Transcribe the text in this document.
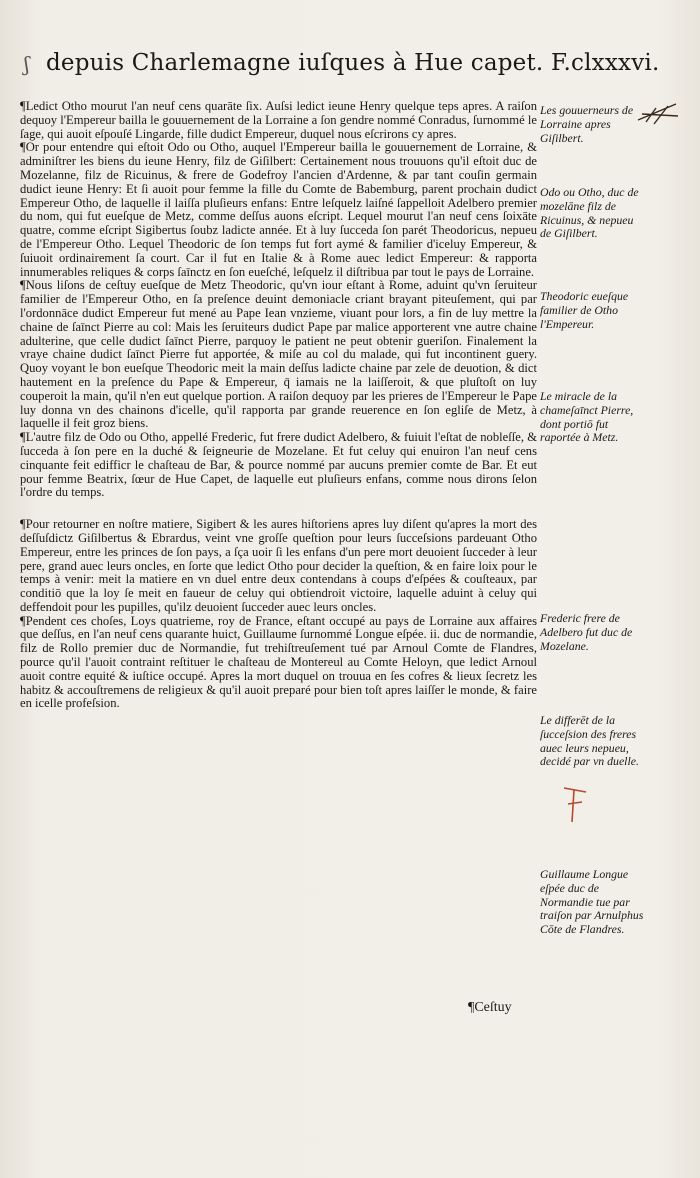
ʃ depuis Charlemagne iuſques à Hue capet. F.clxxxvi.

¶Ledict Otho mourut l'an neuf cens quarāte ſix. Auſsi ledict ieune Henry quelque teps apres. A raiſon dequoy l'Empereur bailla le gouuernement de la Lorraine a ſon gendre nommé Conradus, ſurnommé le ſage, qui auoit eſpouſé Lingarde, fille dudict Empereur, duquel nous eſcrirons cy apres.

¶Or pour entendre qui eſtoit Odo ou Otho, auquel l'Empereur bailla le gouuernement de Lorraine, & adminiſtrer les biens du ieune Henry, filz de Giſilbert: Certainement nous trouuons qu'il eſtoit duc de Mozelanne, filz de Ricuinus, & frere de Godefroy l'ancien d'Ardenne, & par tant couſin germain dudict ieune Henry: Et ſi auoit pour femme la fille du Comte de Babemburg, parent prochain dudict Empereur Otho, de laquelle il laiſſa pluſieurs enfans: Entre leſquelz laiſné ſappelloit Adelbero premier du nom, qui fut eueſque de Metz, comme deſſus auons eſcript. Lequel mourut l'an neuf cens ſoixāte quatre, comme eſcript Sigibertus ſoubz ladicte année. Et à luy ſucceda ſon parét Theodoricus, nepueu de l'Empereur Otho. Lequel Theodoric de ſon temps fut fort aymé & familier d'iceluy Empereur, & ſuiuoit ordinairement ſa court. Car il fut en Italie & à Rome auec ledict Empereur: & rapporta innumerables reliques & corps ſaīnctz en ſon eueſché, leſquelz il diſtribua par tout le pays de Lorraine.

¶Nous liſons de ceſtuy eueſque de Metz Theodoric, qu'vn iour eſtant à Rome, aduint qu'vn ſeruiteur familier de l'Empereur Otho, en ſa preſence deuint demoniacle criant brayant piteuſement, qui par l'ordonnāce dudict Empereur fut mené au Pape Iean vnzieme, viuant pour lors, a fin de luy mettre la chaine de ſaīnct Pierre au col: Mais les ſeruiteurs dudict Pape par malice apporterent vne autre chaine adulterine, que celle dudict ſaīnct Pierre, parquoy le patient ne peut obtenir gueriſon. Finalement la vraye chaine dudict ſaīnct Pierre fut apportée, & miſe au col du malade, qui fut incontinent guery. Quoy voyant le bon eueſque Theodoric meit la main deſſus ladicte chaine par zele de deuotion, & dict hautement en la preſence du Pape & Empereur, q̄ iamais ne la laiſſeroit, & que pluſtoſt on luy couperoit la main, qu'il n'en eut quelque portion. A raiſon dequoy par les prieres de l'Empereur le Pape luy donna vn des chainons d'icelle, qu'il rapporta par grande reuerence en ſon egliſe de Metz, à laquelle il feit groz biens.

¶L'autre filz de Odo ou Otho, appellé Frederic, fut frere dudict Adelbero, & fuiuit l'eſtat de nobleſſe, & ſucceda à ſon pere en la duché & ſeigneurie de Mozelane. Et fut celuy qui enuiron l'an neuf cens cinquante feit edifficr le chaſteau de Bar, & pource nommé par aucuns premier comte de Bar. Et eut pour femme Beatrix, ſœur de Hue Capet, de laquelle eut pluſieurs enfans, comme nous dirons ſelon l'ordre du temps.

¶Pour retourner en noſtre matiere, Sigibert & les aures hiſtoriens apres luy diſent qu'apres la mort des deſſuſdictz Giſilbertus & Ebrardus, veint vne groſſe queſtion pour leurs ſucceſsions pardeuant Otho Empereur, entre les princes de ſon pays, a ſça uoir ſi les enfans d'un pere mort deuoient ſucceder à leur pere, grand auec leurs oncles, en ſorte que ledict Otho pour decider la queſtion, & en faire loix pour le temps à venir: meit la matiere en vn duel entre deux contendans à coups d'eſpées & couſteaux, par conditiō que la loy ſe meit en faueur de celuy qui obtiendroit victoire, laquelle aduint à celuy qui deffendoit pour les pupilles, qu'ilz deuoient ſucceder auec leurs oncles.

¶Pendent ces choſes, Loys quatrieme, roy de France, eſtant occupé au pays de Lorraine aux affaires que deſſus, en l'an neuf cens quarante huict, Guillaume ſurnommé Longue eſpée. ii. duc de normandie, filz de Rollo premier duc de Normandie, fut trehiſtreuſement tué par Arnoul Comte de Flandres, pource qu'il l'auoit contraint reſtituer le chaſteau de Montereul au Comte Heloyn, que ledict Arnoul auoit contre equité & iuſtice occupé. Apres la mort duquel on trouua en ſes cofres & lieux ſecretz les habitz & accouſtremens de religieux & qu'il auoit preparé pour bien toſt apres laiſſer le monde, & faire en icelle profeſsion.

Les gouuerneurs de Lorraine apres Giſilbert.
Odo ou Otho, duc de mozelāne filz de Ricuinus, & nepueu de Giſilbert.
Theodoric eueſque familier de Otho l'Empereur.
Le miracle de la chameſaīnct Pierre, dont portiō fut raportée à Metz.
Frederic frere de Adelbero fut duc de Mozelane.
Le differēt de la ſucceſsion des freres auec leurs nepueu, decidé par vn duelle.
Guillaume Longue eſpée duc de Normandie tue par traiſon par Arnulphus Cōte de Flandres.
¶Ceſtuy
